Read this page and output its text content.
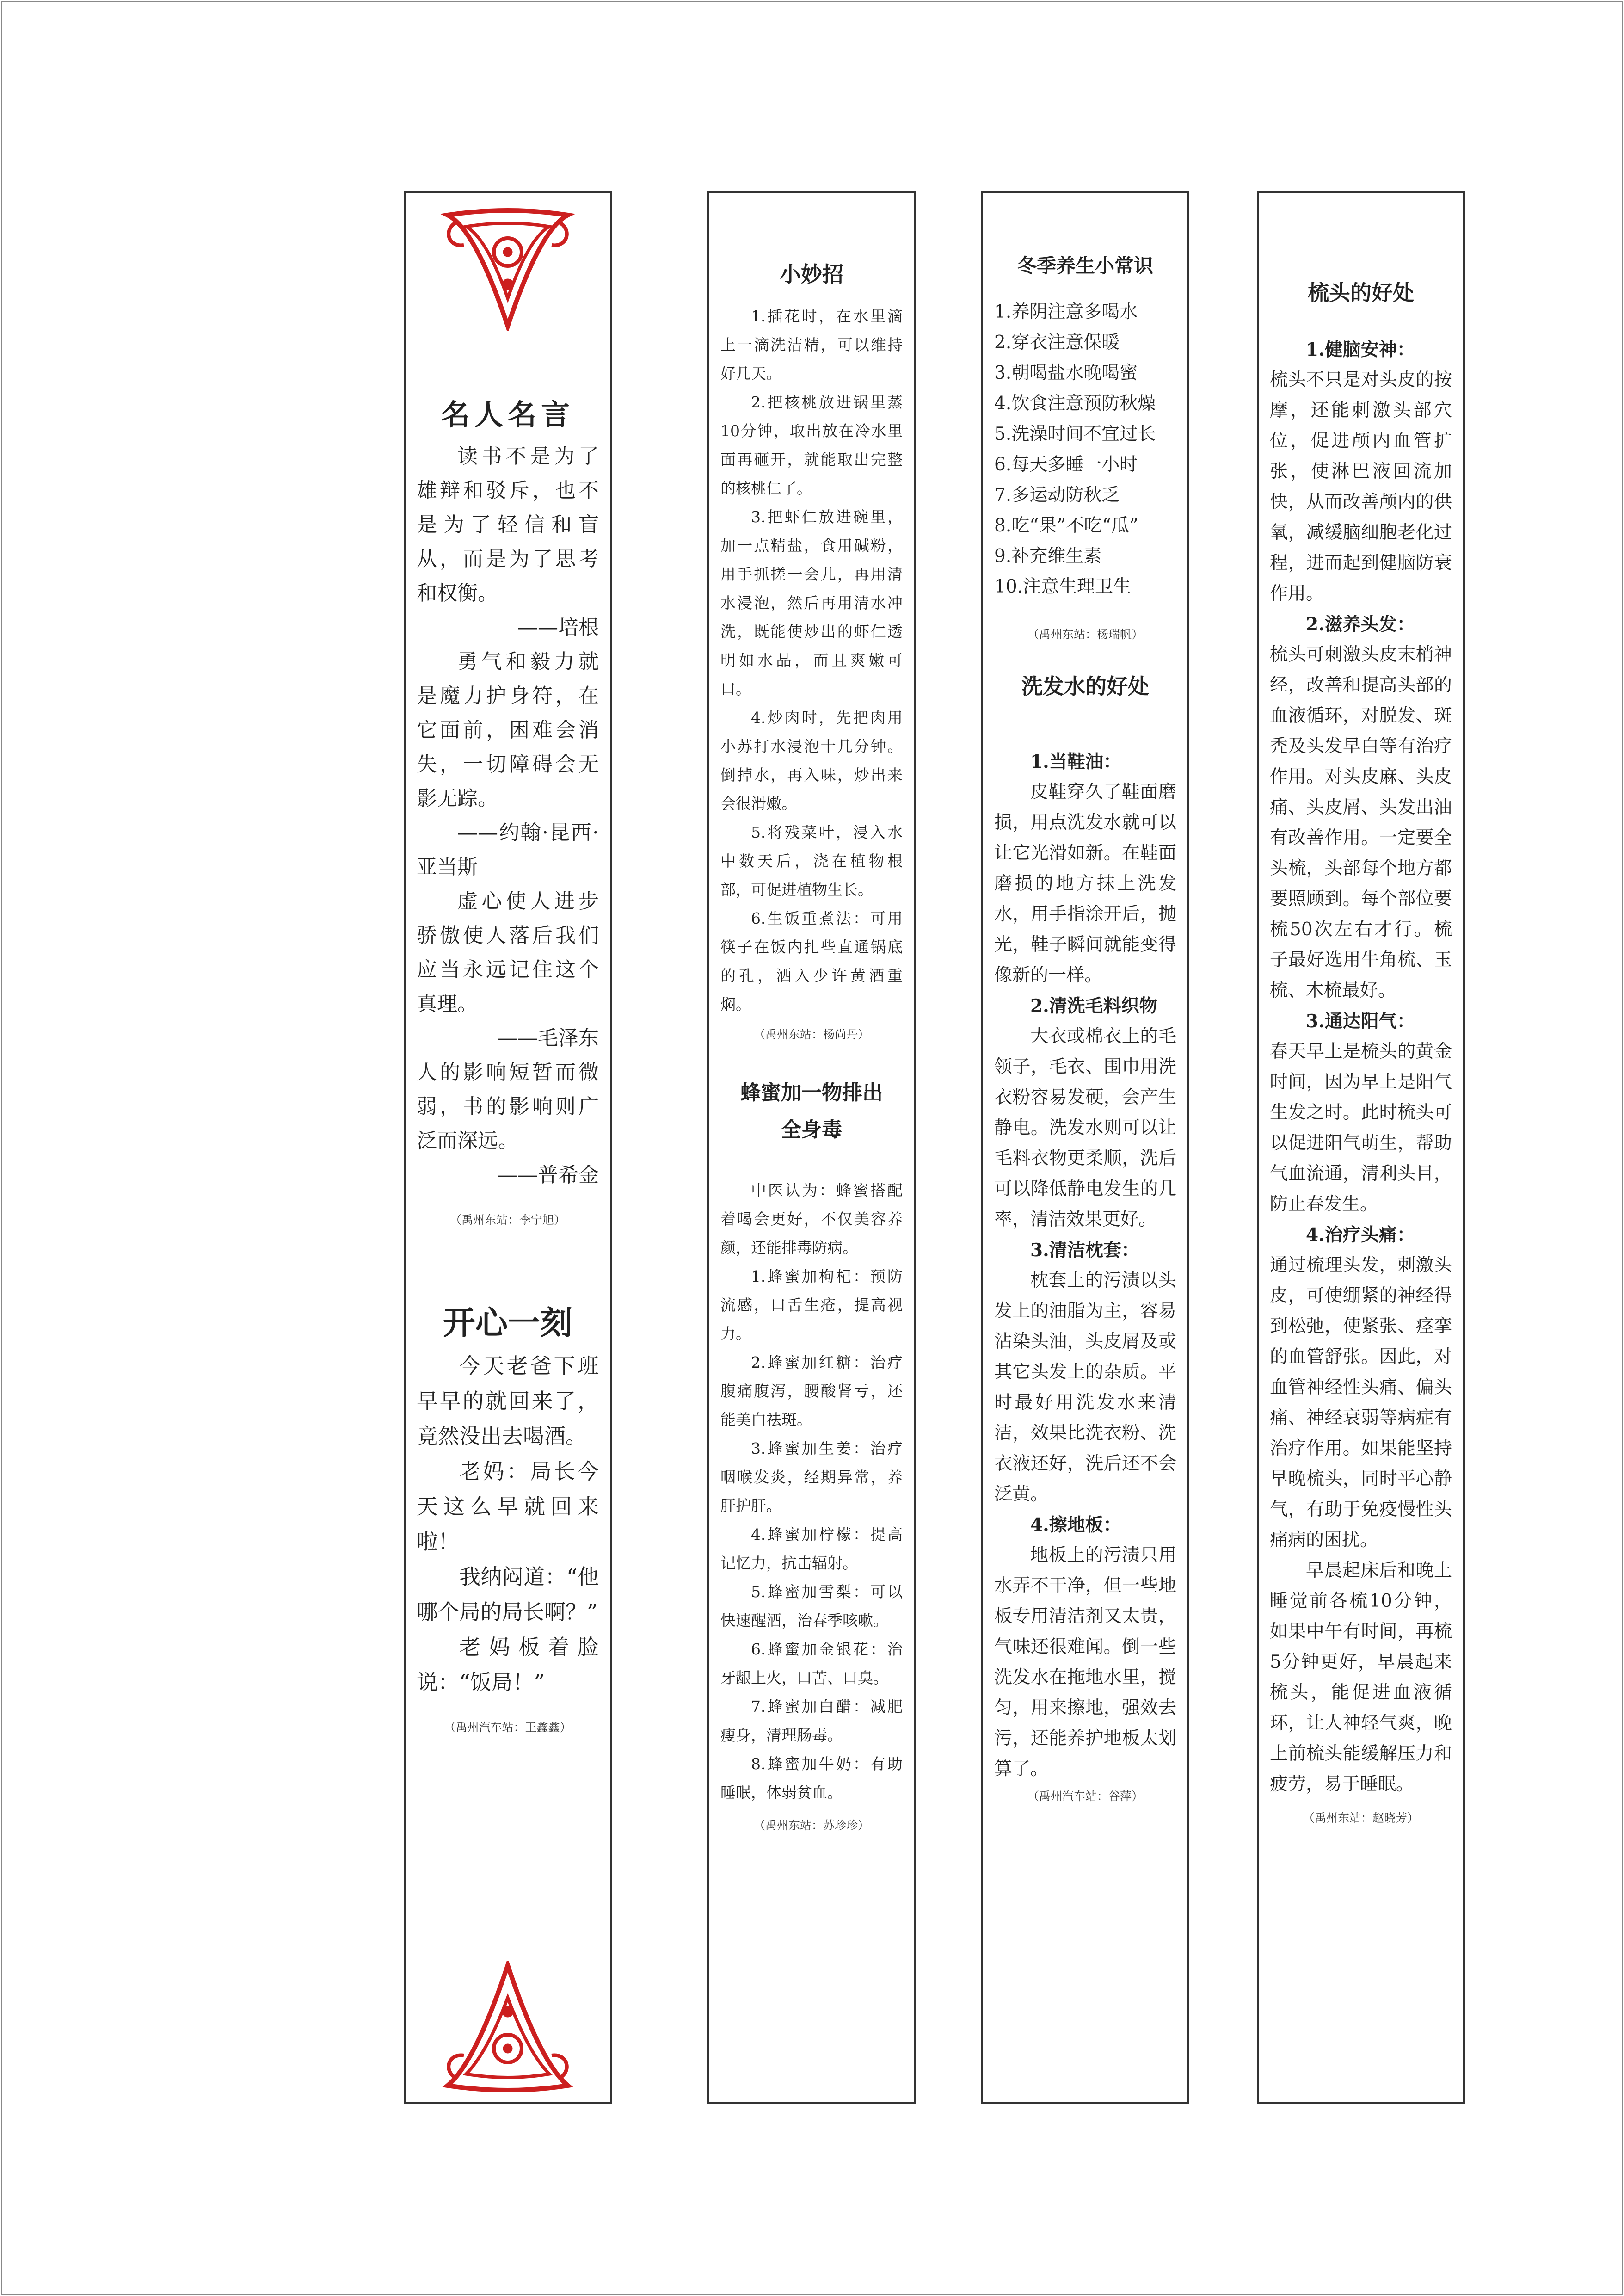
名人名言

读书不是为了雄辩和驳斥，也不是为了轻信和盲从，而是为了思考和权衡。

——培根

勇气和毅力就是魔力护身符，在它面前，困难会消失，一切障碍会无影无踪。

——约翰·昆西·亚当斯

虚心使人进步骄傲使人落后我们应当永远记住这个真理。

——毛泽东

人的影响短暂而微弱，书的影响则广泛而深远。

——普希金

（禹州东站：李宁旭）
开心一刻

今天老爸下班早早的就回来了，竟然没出去喝酒。

老妈：局长今天这么早就回来啦！

我纳闷道：“他哪个局的局长啊？”

老妈板着脸说：“饭局！”

（禹州汽车站：王鑫鑫）
小妙招

1.插花时，在水里滴上一滴洗洁精，可以维持好几天。

2.把核桃放进锅里蒸10分钟，取出放在冷水里面再砸开，就能取出完整的核桃仁了。

3.把虾仁放进碗里，加一点精盐，食用碱粉，用手抓搓一会儿，再用清水浸泡，然后再用清水冲洗，既能使炒出的虾仁透明如水晶，而且爽嫩可口。

4.炒肉时，先把肉用小苏打水浸泡十几分钟。倒掉水，再入味，炒出来会很滑嫩。

5.将残菜叶，浸入水中数天后，浇在植物根部，可促进植物生长。

6.生饭重煮法：可用筷子在饭内扎些直通锅底的孔，洒入少许黄酒重焖。

（禹州东站：杨尚丹）
蜂蜜加一物排出
全身毒

中医认为：蜂蜜搭配着喝会更好，不仅美容养颜，还能排毒防病。

1.蜂蜜加枸杞：预防流感，口舌生疮，提高视力。

2.蜂蜜加红糖：治疗腹痛腹泻，腰酸肾亏，还能美白祛斑。

3.蜂蜜加生姜：治疗咽喉发炎，经期异常，养肝护肝。

4.蜂蜜加柠檬：提高记忆力，抗击辐射。

5.蜂蜜加雪梨：可以快速醒酒，治春季咳嗽。

6.蜂蜜加金银花：治牙龈上火，口苦、口臭。

7.蜂蜜加白醋：减肥瘦身，清理肠毒。

8.蜂蜜加牛奶：有助睡眠，体弱贫血。

（禹州东站：苏珍珍）
冬季养生小常识

1.养阴注意多喝水

2.穿衣注意保暖

3.朝喝盐水晚喝蜜

4.饮食注意预防秋燥

5.洗澡时间不宜过长

6.每天多睡一小时

7.多运动防秋乏

8.吃“果”不吃“瓜”

9.补充维生素

10.注意生理卫生

（禹州东站：杨瑞帆）
洗发水的好处

1.当鞋油：

皮鞋穿久了鞋面磨损，用点洗发水就可以让它光滑如新。在鞋面磨损的地方抹上洗发水，用手指涂开后，抛光，鞋子瞬间就能变得像新的一样。

2.清洗毛料织物

大衣或棉衣上的毛领子，毛衣、围巾用洗衣粉容易发硬，会产生静电。洗发水则可以让毛料衣物更柔顺，洗后可以降低静电发生的几率，清洁效果更好。

3.清洁枕套：

枕套上的污渍以头发上的油脂为主，容易沾染头油，头皮屑及或其它头发上的杂质。平时最好用洗发水来清洁，效果比洗衣粉、洗衣液还好，洗后还不会泛黄。

4.擦地板：

地板上的污渍只用水弄不干净，但一些地板专用清洁剂又太贵，气味还很难闻。倒一些洗发水在拖地水里，搅匀，用来擦地，强效去污，还能养护地板太划算了。

（禹州汽车站：谷萍）
梳头的好处

1.健脑安神：

梳头不只是对头皮的按摩，还能刺激头部穴位，促进颅内血管扩张，使淋巴液回流加快，从而改善颅内的供氧，减缓脑细胞老化过程，进而起到健脑防衰作用。

2.滋养头发：

梳头可刺激头皮末梢神经，改善和提高头部的血液循环，对脱发、斑秃及头发早白等有治疗作用。对头皮麻、头皮痛、头皮屑、头发出油有改善作用。一定要全头梳，头部每个地方都要照顾到。每个部位要梳50次左右才行。梳子最好选用牛角梳、玉梳、木梳最好。

3.通达阳气：

春天早上是梳头的黄金时间，因为早上是阳气生发之时。此时梳头可以促进阳气萌生，帮助气血流通，清利头目，防止春发生。

4.治疗头痛：

通过梳理头发，刺激头皮，可使绷紧的神经得到松弛，使紧张、痉挛的血管舒张。因此，对血管神经性头痛、偏头痛、神经衰弱等病症有治疗作用。如果能坚持早晚梳头，同时平心静气，有助于免疫慢性头痛病的困扰。

早晨起床后和晚上睡觉前各梳10分钟，如果中午有时间，再梳5分钟更好，早晨起来梳头，能促进血液循环，让人神轻气爽，晚上前梳头能缓解压力和疲劳，易于睡眠。

（禹州东站：赵晓芳）
